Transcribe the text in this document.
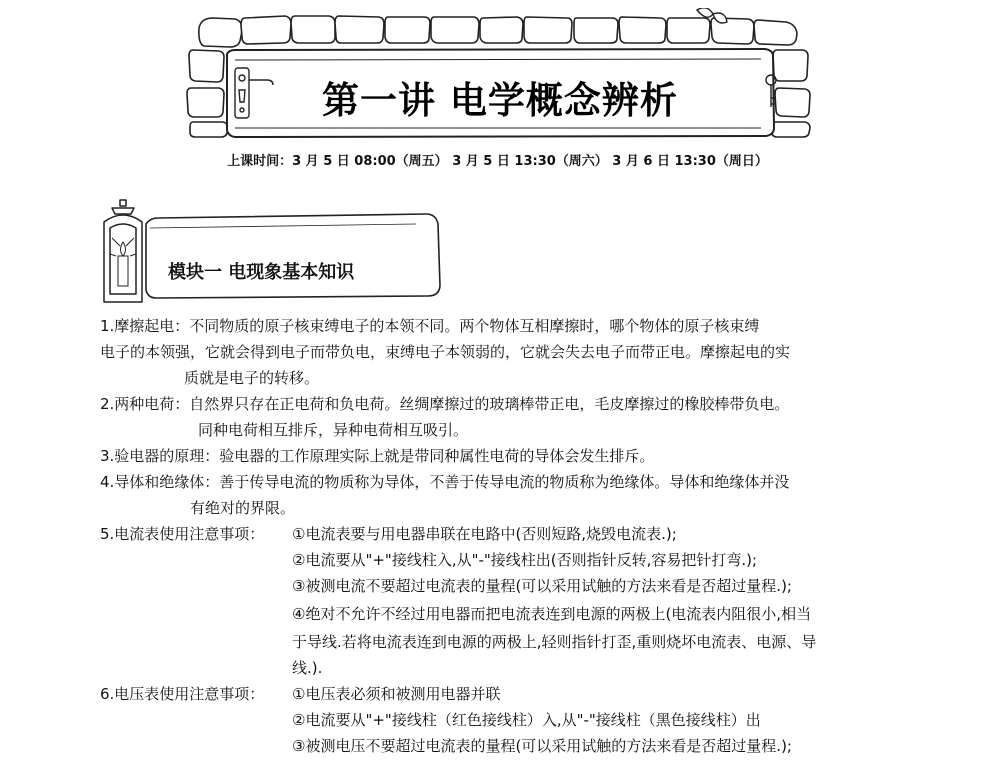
第一讲 电学概念辨析
上课时间：3 月 5 日 08:00（周五） 3 月 5 日 13:30（周六） 3 月 6 日 13:30（周日）
模块一 电现象基本知识
1.摩擦起电：不同物质的原子核束缚电子的本领不同。两个物体互相摩擦时，哪个物体的原子核束缚
电子的本领强，它就会得到电子而带负电，束缚电子本领弱的，它就会失去电子而带正电。摩擦起电的实
质就是电子的转移。
2.两种电荷：自然界只存在正电荷和负电荷。丝绸摩擦过的玻璃棒带正电，毛皮摩擦过的橡胶棒带负电。
同种电荷相互排斥，异种电荷相互吸引。
3.验电器的原理：验电器的工作原理实际上就是带同种属性电荷的导体会发生排斥。
4.导体和绝缘体：善于传导电流的物质称为导体，不善于传导电流的物质称为绝缘体。导体和绝缘体并没
有绝对的界限。
5.电流表使用注意事项： ①电流表要与用电器串联在电路中(否则短路,烧毁电流表.);
②电流要从"+"接线柱入,从"-"接线柱出(否则指针反转,容易把针打弯.);
③被测电流不要超过电流表的量程(可以采用试触的方法来看是否超过量程.);
④绝对不允许不经过用电器而把电流表连到电源的两极上(电流表内阻很小,相当
于导线.若将电流表连到电源的两极上,轻则指针打歪,重则烧坏电流表、电源、导
线.).
6.电压表使用注意事项： ①电压表必须和被测用电器并联
②电流要从"+"接线柱（红色接线柱）入,从"-"接线柱（黑色接线柱）出
③被测电压不要超过电流表的量程(可以采用试触的方法来看是否超过量程.);
